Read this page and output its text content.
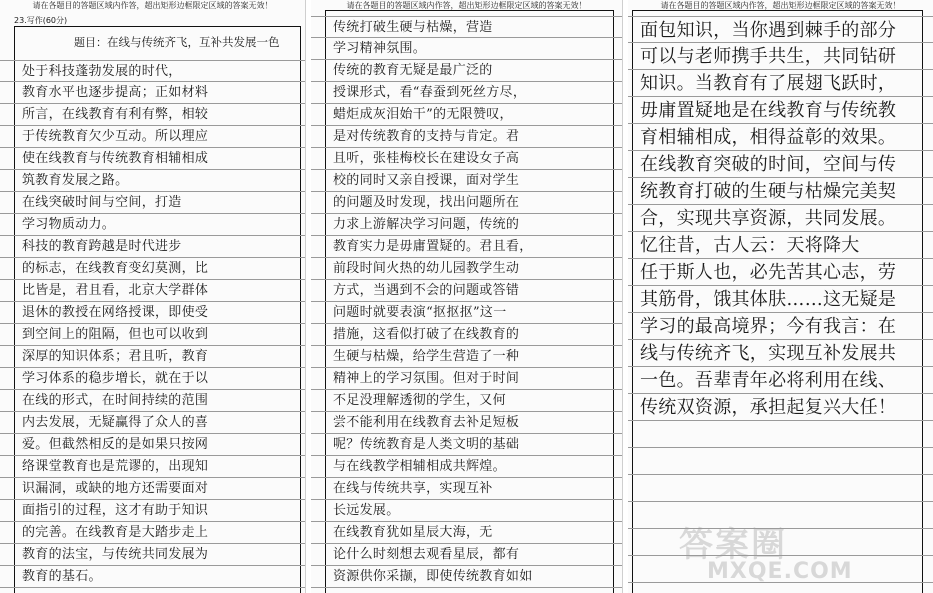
请在各题目的答题区域内作答，超出矩形边框限定区域的答案无效！
23.写作(60分)
题目：在线与传统齐飞，互补共发展一色
处于科技蓬勃发展的时代，
教育水平也逐步提高；正如材料
所言，在线教育有利有弊，相较
于传统教育欠少互动。所以理应
使在线教育与传统教育相辅相成
筑教育发展之路。
在线突破时间与空间，打造
学习物质动力。
科技的教育跨越是时代进步
的标志，在线教育变幻莫测，比
比皆是，君且看，北京大学群体
退休的教授在网络授课，即使受
到空间上的阻隔，但也可以收到
深厚的知识体系；君且听，教育
学习体系的稳步增长，就在于以
在线的形式，在时间持续的范围
内去发展，无疑赢得了众人的喜
爱。但截然相反的是如果只按网
络课堂教育也是荒谬的，出现知
识漏洞，或缺的地方还需要面对
面指引的过程，这才有助于知识
的完善。在线教育是大踏步走上
教育的法宝，与传统共同发展为
教育的基石。
请在各题目的答题区域内作答，超出矩形边框限定区域的答案无效！
传统打破生硬与枯燥，营造
学习精神氛围。
传统的教育无疑是最广泛的
授课形式，看“春蚕到死丝方尽，
蜡炬成灰泪始干”的无限赞叹，
是对传统教育的支持与肯定。君
且听，张桂梅校长在建设女子高
校的同时又亲自授课，面对学生
的问题及时发现，找出问题所在
力求上游解决学习问题，传统的
教育实力是毋庸置疑的。君且看，
前段时间火热的幼儿园教学生动
方式，当遇到不会的问题或答错
问题时就要表演“抠抠抠”这一
措施，这看似打破了在线教育的
生硬与枯燥，给学生营造了一种
精神上的学习氛围。但对于时间
不足没理解透彻的学生，又何
尝不能利用在线教育去补足短板
呢？传统教育是人类文明的基础
与在线教学相辅相成共辉煌。
在线与传统共享，实现互补
长远发展。
在线教育犹如星辰大海，无
论什么时刻想去观看星辰，都有
资源供你采撷，即使传统教育如如
请在各题目的答题区域内作答，超出矩形边框限定区域的答案无效！
面包知识，当你遇到棘手的部分
可以与老师携手共生，共同钻研
知识。当教育有了展翅飞跃时，
毋庸置疑地是在线教育与传统教
育相辅相成，相得益彰的效果。
在线教育突破的时间，空间与传
统教育打破的生硬与枯燥完美契
合，实现共享资源，共同发展。
忆往昔，古人云：天将降大
任于斯人也，必先苦其心志，劳
其筋骨，饿其体肤……这无疑是
学习的最高境界；今有我言：在
线与传统齐飞，实现互补发展共
一色。吾辈青年必将利用在线、
传统双资源，承担起复兴大任！
答案圈
MXQE.COM
